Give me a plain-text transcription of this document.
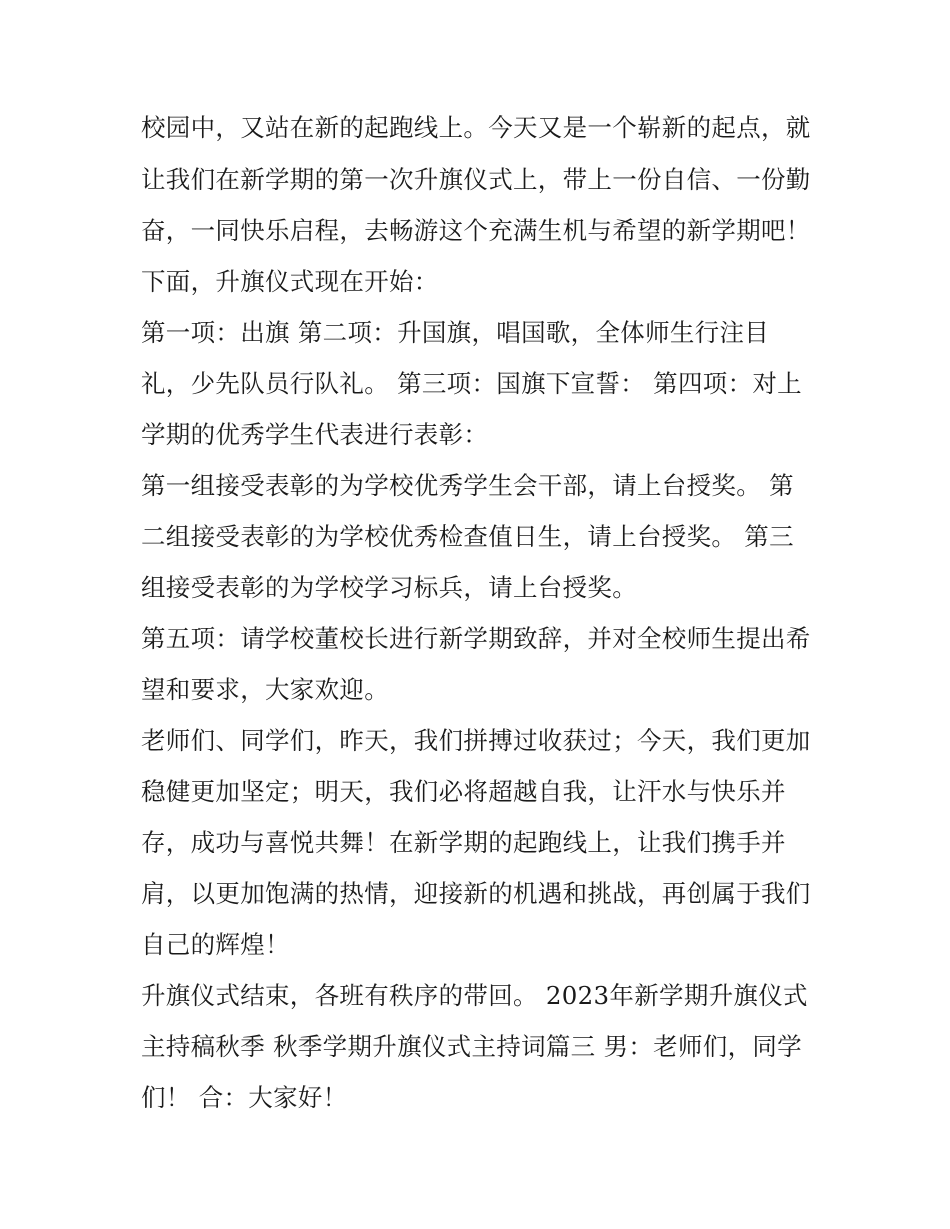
校园中，又站在新的起跑线上。今天又是一个崭新的起点，就
让我们在新学期的第一次升旗仪式上，带上一份自信、一份勤
奋，一同快乐启程，去畅游这个充满生机与希望的新学期吧！
下面，升旗仪式现在开始：
第一项：出旗 第二项：升国旗，唱国歌，全体师生行注目
礼，少先队员行队礼。 第三项：国旗下宣誓： 第四项：对上
学期的优秀学生代表进行表彰：
第一组接受表彰的为学校优秀学生会干部，请上台授奖。 第
二组接受表彰的为学校优秀检查值日生，请上台授奖。 第三
组接受表彰的为学校学习标兵，请上台授奖。
第五项：请学校董校长进行新学期致辞，并对全校师生提出希
望和要求，大家欢迎。
老师们、同学们，昨天，我们拼搏过收获过；今天，我们更加
稳健更加坚定；明天，我们必将超越自我，让汗水与快乐并
存，成功与喜悦共舞！在新学期的起跑线上，让我们携手并
肩，以更加饱满的热情，迎接新的机遇和挑战，再创属于我们
自己的辉煌！
升旗仪式结束，各班有秩序的带回。 2023年新学期升旗仪式
主持稿秋季 秋季学期升旗仪式主持词篇三 男：老师们，同学
们！ 合：大家好！
